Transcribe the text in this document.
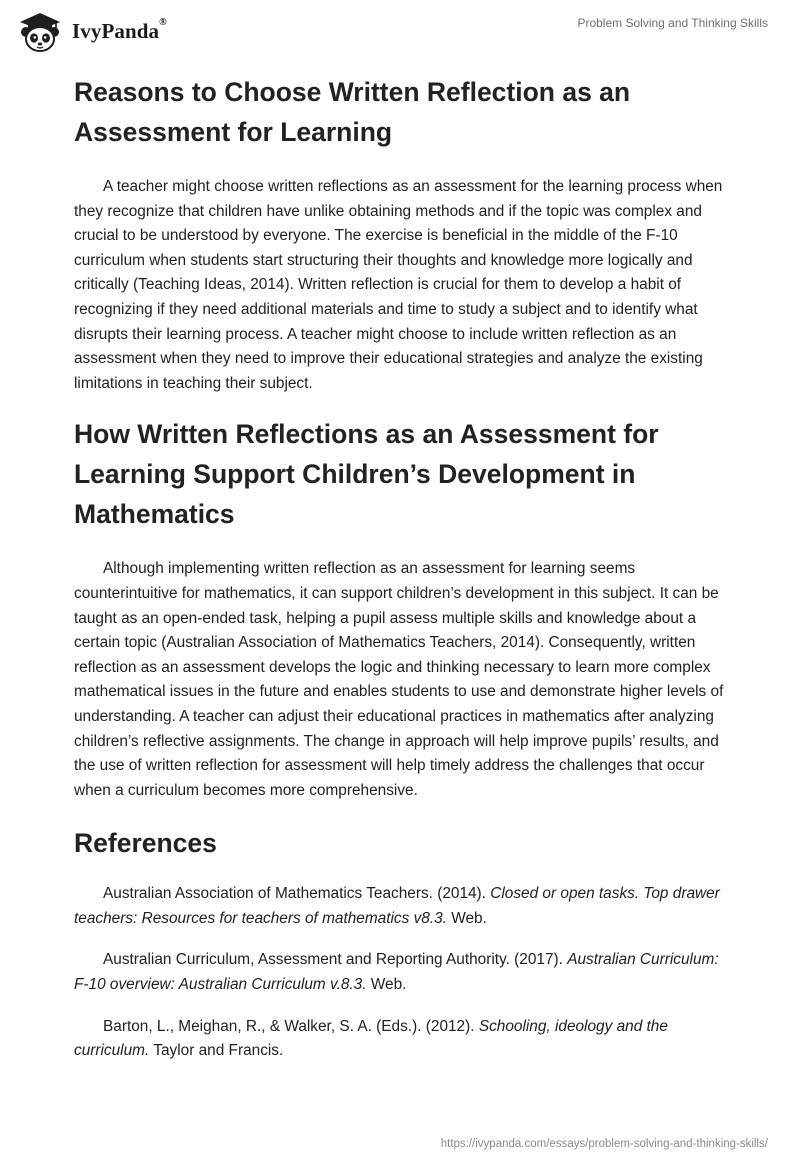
IvyPanda®	Problem Solving and Thinking Skills
Reasons to Choose Written Reflection as an Assessment for Learning

A teacher might choose written reflections as an assessment for the learning process when they recognize that children have unlike obtaining methods and if the topic was complex and crucial to be understood by everyone. The exercise is beneficial in the middle of the F-10 curriculum when students start structuring their thoughts and knowledge more logically and critically (Teaching Ideas, 2014). Written reflection is crucial for them to develop a habit of recognizing if they need additional materials and time to study a subject and to identify what disrupts their learning process. A teacher might choose to include written reflection as an assessment when they need to improve their educational strategies and analyze the existing limitations in teaching their subject.

How Written Reflections as an Assessment for Learning Support Children’s Development in Mathematics

Although implementing written reflection as an assessment for learning seems counterintuitive for mathematics, it can support children’s development in this subject. It can be taught as an open-ended task, helping a pupil assess multiple skills and knowledge about a certain topic (Australian Association of Mathematics Teachers, 2014). Consequently, written reflection as an assessment develops the logic and thinking necessary to learn more complex mathematical issues in the future and enables students to use and demonstrate higher levels of understanding. A teacher can adjust their educational practices in mathematics after analyzing children’s reflective assignments. The change in approach will help improve pupils’ results, and the use of written reflection for assessment will help timely address the challenges that occur when a curriculum becomes more comprehensive.

References

Australian Association of Mathematics Teachers. (2014). Closed or open tasks. Top drawer teachers: Resources for teachers of mathematics v8.3. Web.

Australian Curriculum, Assessment and Reporting Authority. (2017). Australian Curriculum: F-10 overview: Australian Curriculum v.8.3. Web.

Barton, L., Meighan, R., & Walker, S. A. (Eds.). (2012). Schooling, ideology and the curriculum. Taylor and Francis.

https://ivypanda.com/essays/problem-solving-and-thinking-skills/
